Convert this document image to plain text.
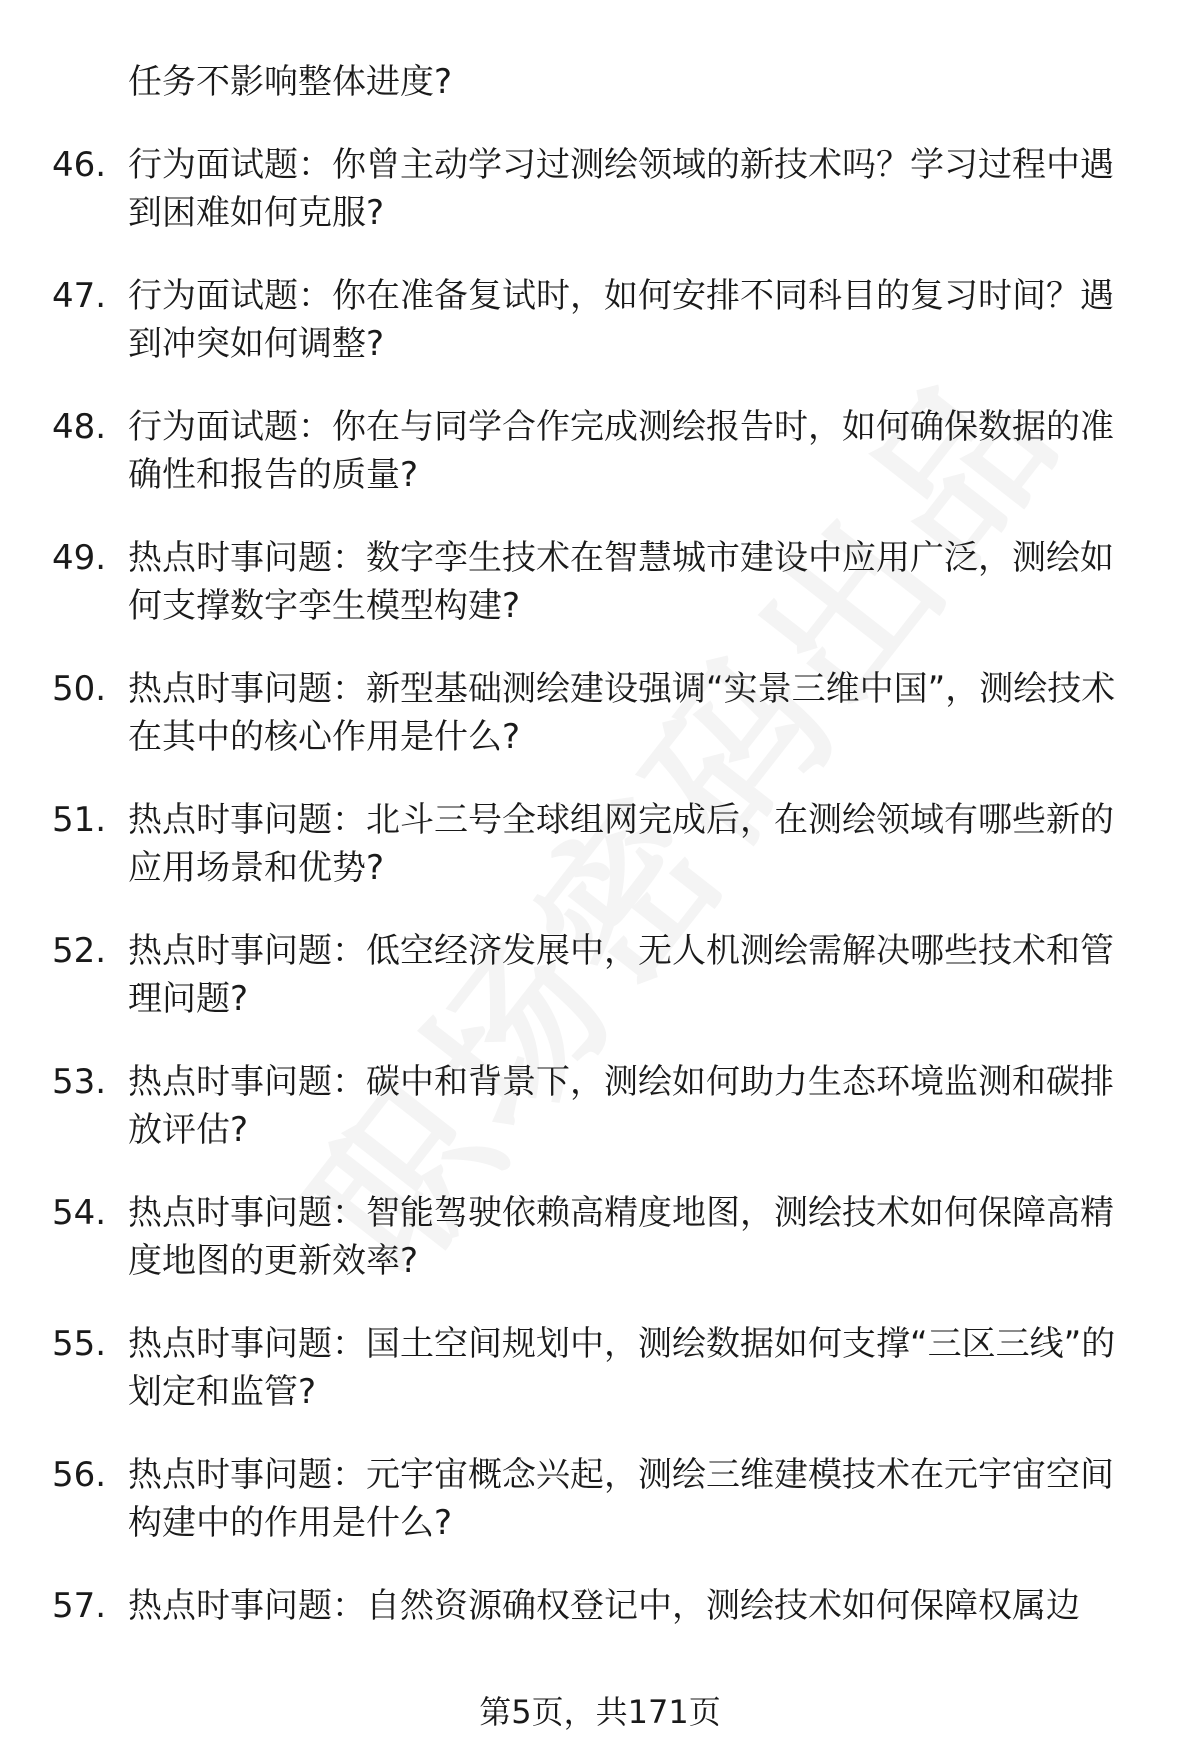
任务不影响整体进度?
46. 行为面试题：你曾主动学习过测绘领域的新技术吗？学习过程中遇到困难如何克服?
47. 行为面试题：你在准备复试时，如何安排不同科目的复习时间？遇到冲突如何调整?
48. 行为面试题：你在与同学合作完成测绘报告时，如何确保数据的准确性和报告的质量?
49. 热点时事问题：数字孪生技术在智慧城市建设中应用广泛，测绘如何支撑数字孪生模型构建?
50. 热点时事问题：新型基础测绘建设强调“实景三维中国”，测绘技术在其中的核心作用是什么?
51. 热点时事问题：北斗三号全球组网完成后，在测绘领域有哪些新的应用场景和优势?
52. 热点时事问题：低空经济发展中，无人机测绘需解决哪些技术和管理问题?
53. 热点时事问题：碳中和背景下，测绘如何助力生态环境监测和碳排放评估?
54. 热点时事问题：智能驾驶依赖高精度地图，测绘技术如何保障高精度地图的更新效率?
55. 热点时事问题：国土空间规划中，测绘数据如何支撑“三区三线”的划定和监管?
56. 热点时事问题：元宇宙概念兴起，测绘三维建模技术在元宇宙空间构建中的作用是什么?
57. 热点时事问题：自然资源确权登记中，测绘技术如何保障权属边
第5页，共171页
